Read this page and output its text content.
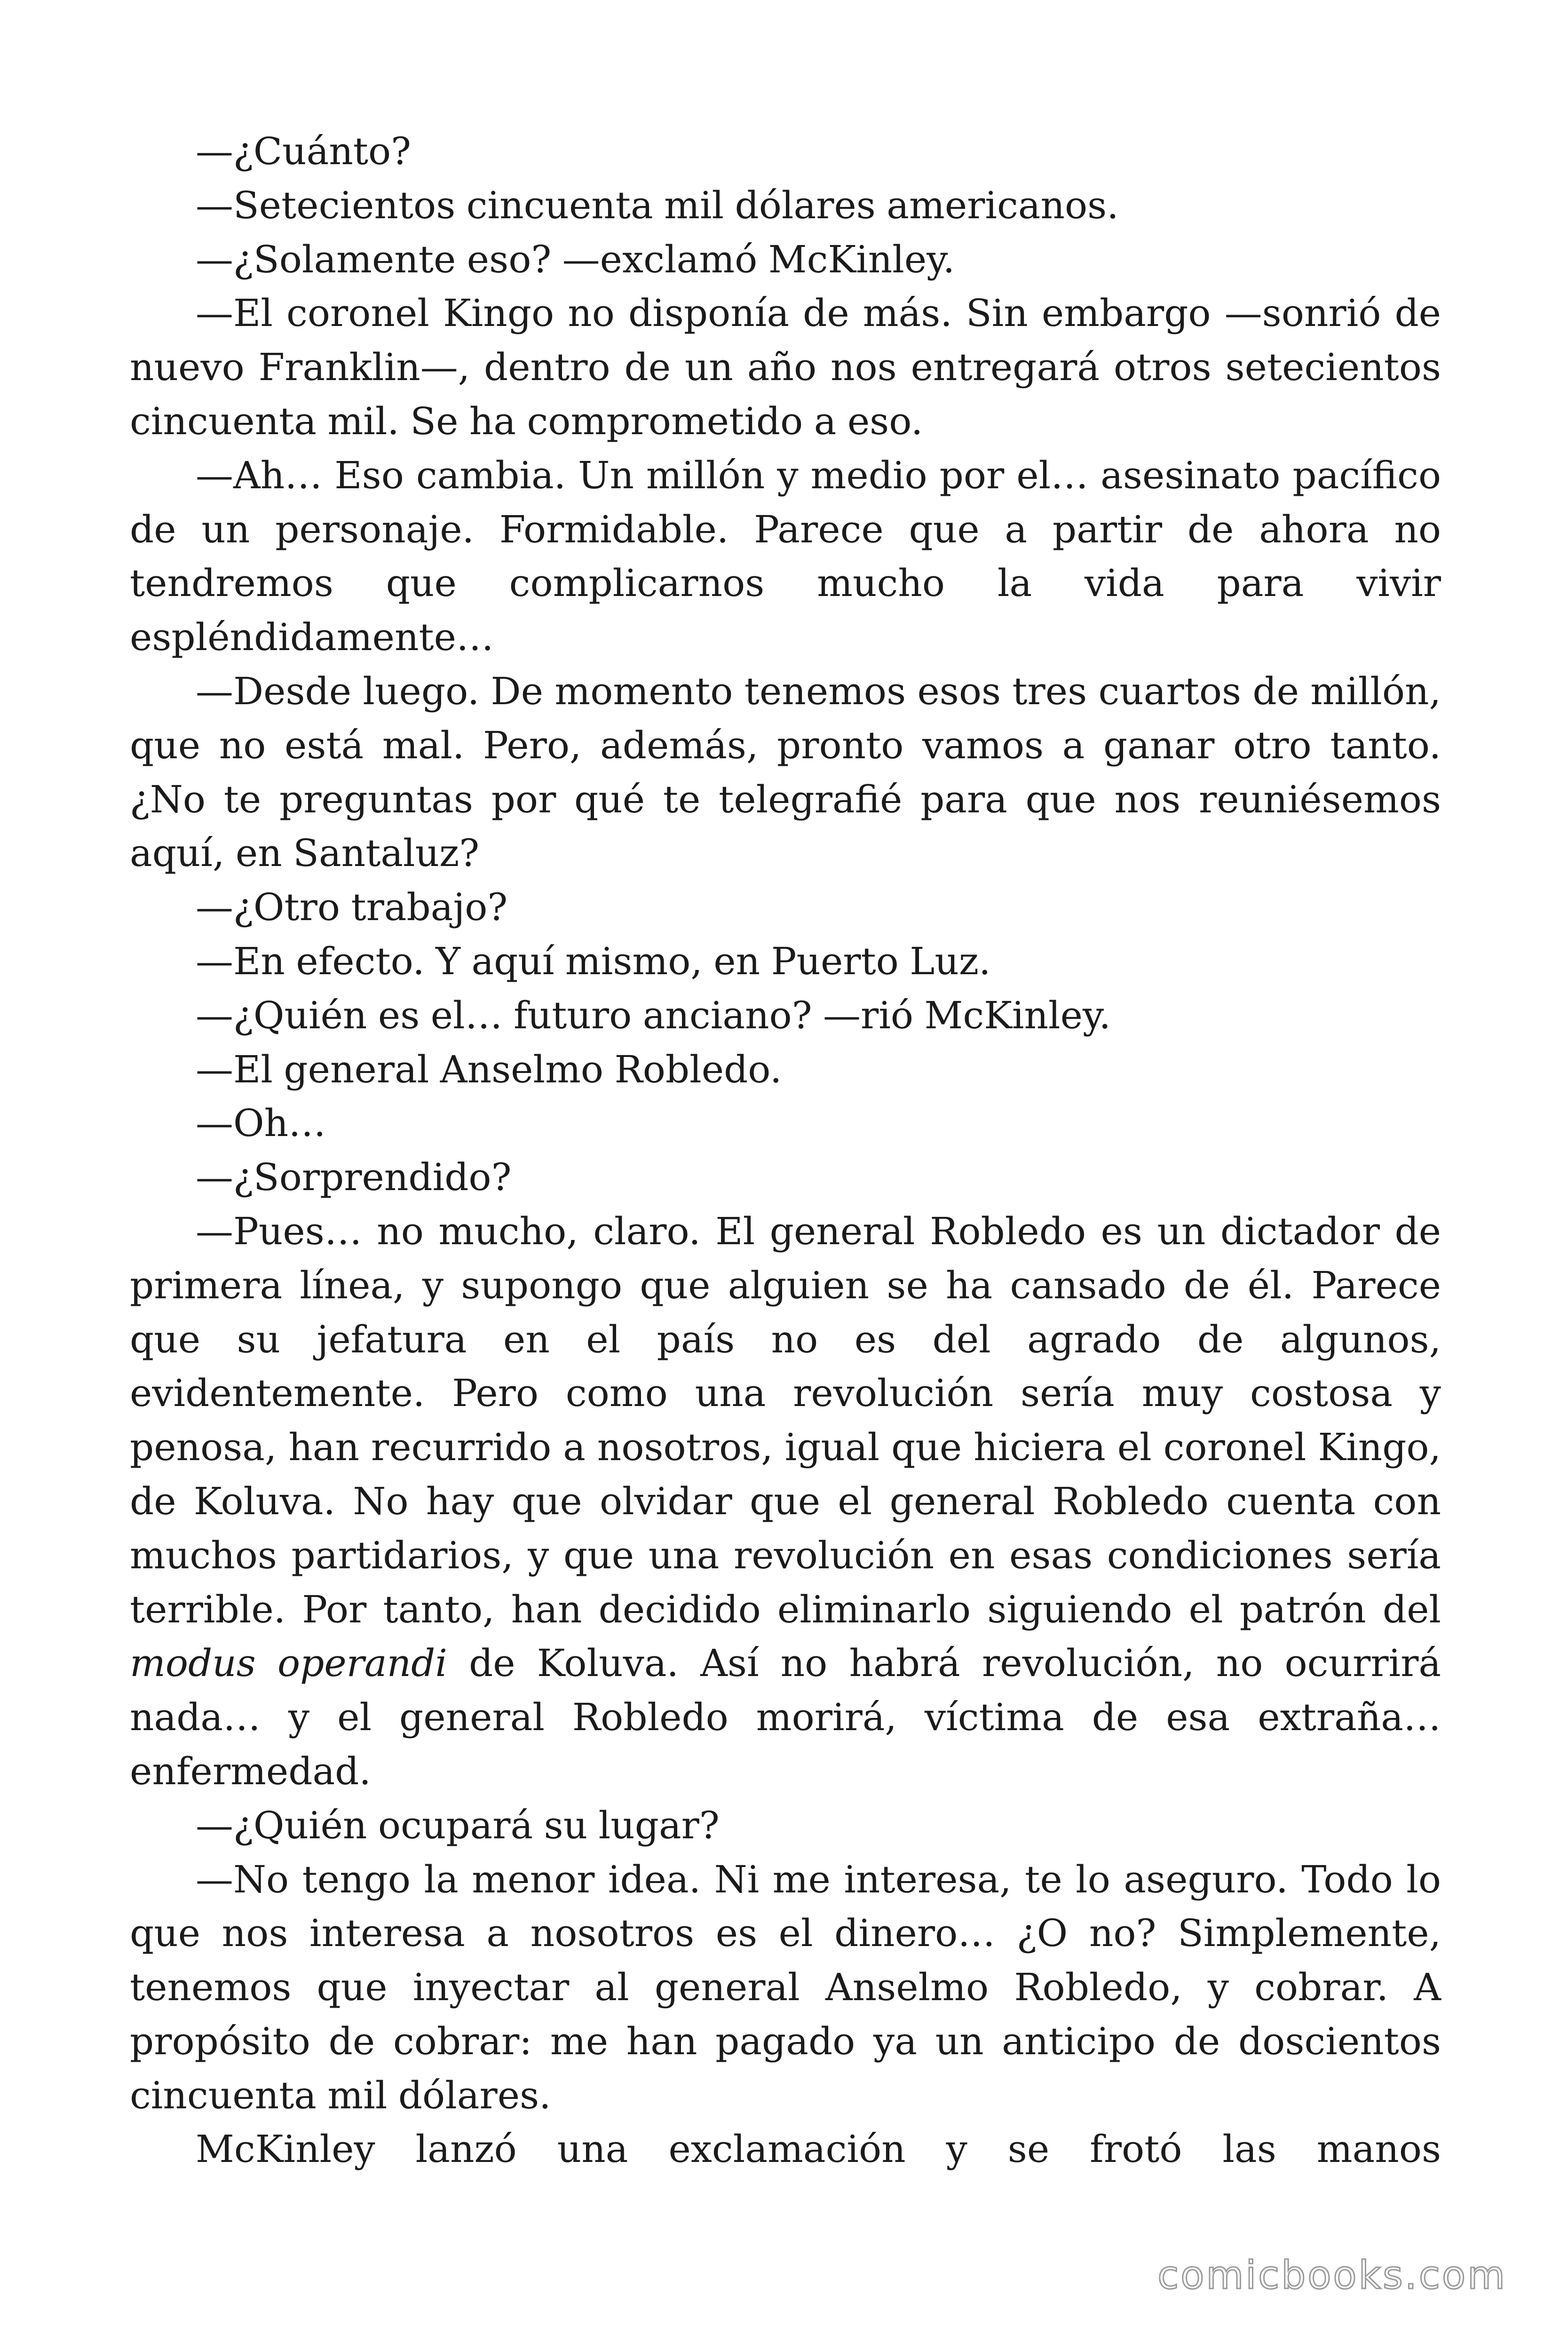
—¿Cuánto?

—Setecientos cincuenta mil dólares americanos.

—¿Solamente eso? —exclamó McKinley.

—El coronel Kingo no disponía de más. Sin embargo —sonrió de nuevo Franklin—, dentro de un año nos entregará otros setecientos cincuenta mil. Se ha comprometido a eso.

—Ah… Eso cambia. Un millón y medio por el… asesinato pacífico de un personaje. Formidable. Parece que a partir de ahora no tendremos que complicarnos mucho la vida para vivir espléndidamente…

—Desde luego. De momento tenemos esos tres cuartos de millón, que no está mal. Pero, además, pronto vamos a ganar otro tanto. ¿No te preguntas por qué te telegrafié para que nos reuniésemos aquí, en Santaluz?

—¿Otro trabajo?

—En efecto. Y aquí mismo, en Puerto Luz.

—¿Quién es el… futuro anciano? —rió McKinley.

—El general Anselmo Robledo.

—Oh…

—¿Sorprendido?

—Pues… no mucho, claro. El general Robledo es un dictador de primera línea, y supongo que alguien se ha cansado de él. Parece que su jefatura en el país no es del agrado de algunos, evidentemente. Pero como una revolución sería muy costosa y penosa, han recurrido a nosotros, igual que hiciera el coronel Kingo, de Koluva. No hay que olvidar que el general Robledo cuenta con muchos partidarios, y que una revolución en esas condiciones sería terrible. Por tanto, han decidido eliminarlo siguiendo el patrón del modus operandi de Koluva. Así no habrá revolución, no ocurrirá nada… y el general Robledo morirá, víctima de esa extraña… enfermedad.

—¿Quién ocupará su lugar?

—No tengo la menor idea. Ni me interesa, te lo aseguro. Todo lo que nos interesa a nosotros es el dinero… ¿O no? Simplemente, tenemos que inyectar al general Anselmo Robledo, y cobrar. A propósito de cobrar: me han pagado ya un anticipo de doscientos cincuenta mil dólares.

McKinley lanzó una exclamación y se frotó las manos

comicbooks.com
